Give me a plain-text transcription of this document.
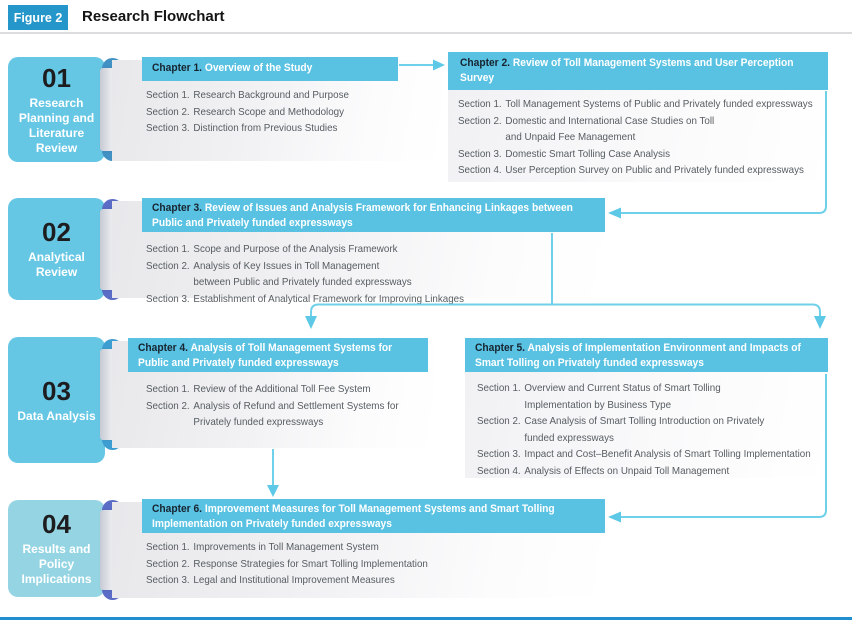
Figure 2	Research Flowchart
01
Research Planning and Literature Review
02
Analytical Review
03
Data Analysis
04
Results and Policy Implications
Chapter 1. Overview of the Study	Chapter 2. Review of Toll Management Systems and User Perception Survey
Chapter 3. Review of Issues and Analysis Framework for Enhancing Linkages between Public and Privately funded expressways
Chapter 4. Analysis of Toll Management Systems for Public and Privately funded expressways
Chapter 5. Analysis of Implementation Environment and Impacts of Smart Tolling on Privately funded expressways
Chapter 6. Improvement Measures for Toll Management Systems and Smart Tolling Implementation on Privately funded expressways
Section 1. Research Background and Purpose
Section 2. Research Scope and Methodology
Section 3. Distinction from Previous Studies
Section 1. Toll Management Systems of Public and Privately funded expressways
Section 2. Domestic and International Case Studies on Toll
and Unpaid Fee Management
Section 3. Domestic Smart Tolling Case Analysis
Section 4. User Perception Survey on Public and Privately funded expressways
Section 1. Scope and Purpose of the Analysis Framework
Section 2. Analysis of Key Issues in Toll Management
between Public and Privately funded expressways
Section 3. Establishment of Analytical Framework for Improving Linkages
Section 1. Review of the Additional Toll Fee System
Section 2. Analysis of Refund and Settlement Systems for
Privately funded expressways
Section 1. Overview and Current Status of Smart Tolling
Implementation by Business Type
Section 2. Case Analysis of Smart Tolling Introduction on Privately
funded expressways
Section 3. Impact and Cost–Benefit Analysis of Smart Tolling Implementation
Section 4. Analysis of Effects on Unpaid Toll Management
Section 1. Improvements in Toll Management System
Section 2. Response Strategies for Smart Tolling Implementation
Section 3. Legal and Institutional Improvement Measures
